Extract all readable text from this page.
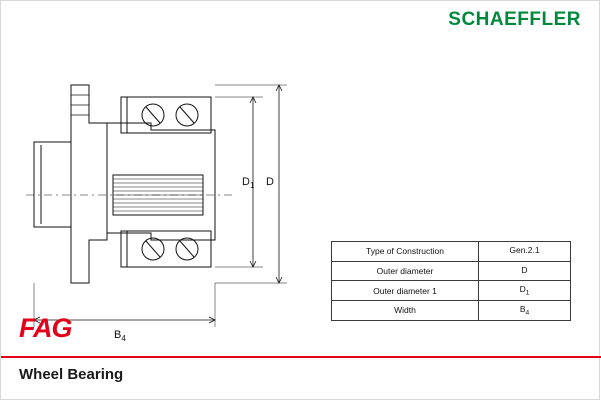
SCHAEFFLER
$D_1$ D
$B_4$
Type of Construction	Gen.2.1
Outer diameter	D
Outer diameter 1	$D_1$
Width	$B_4$
FAG
Wheel Bearing
